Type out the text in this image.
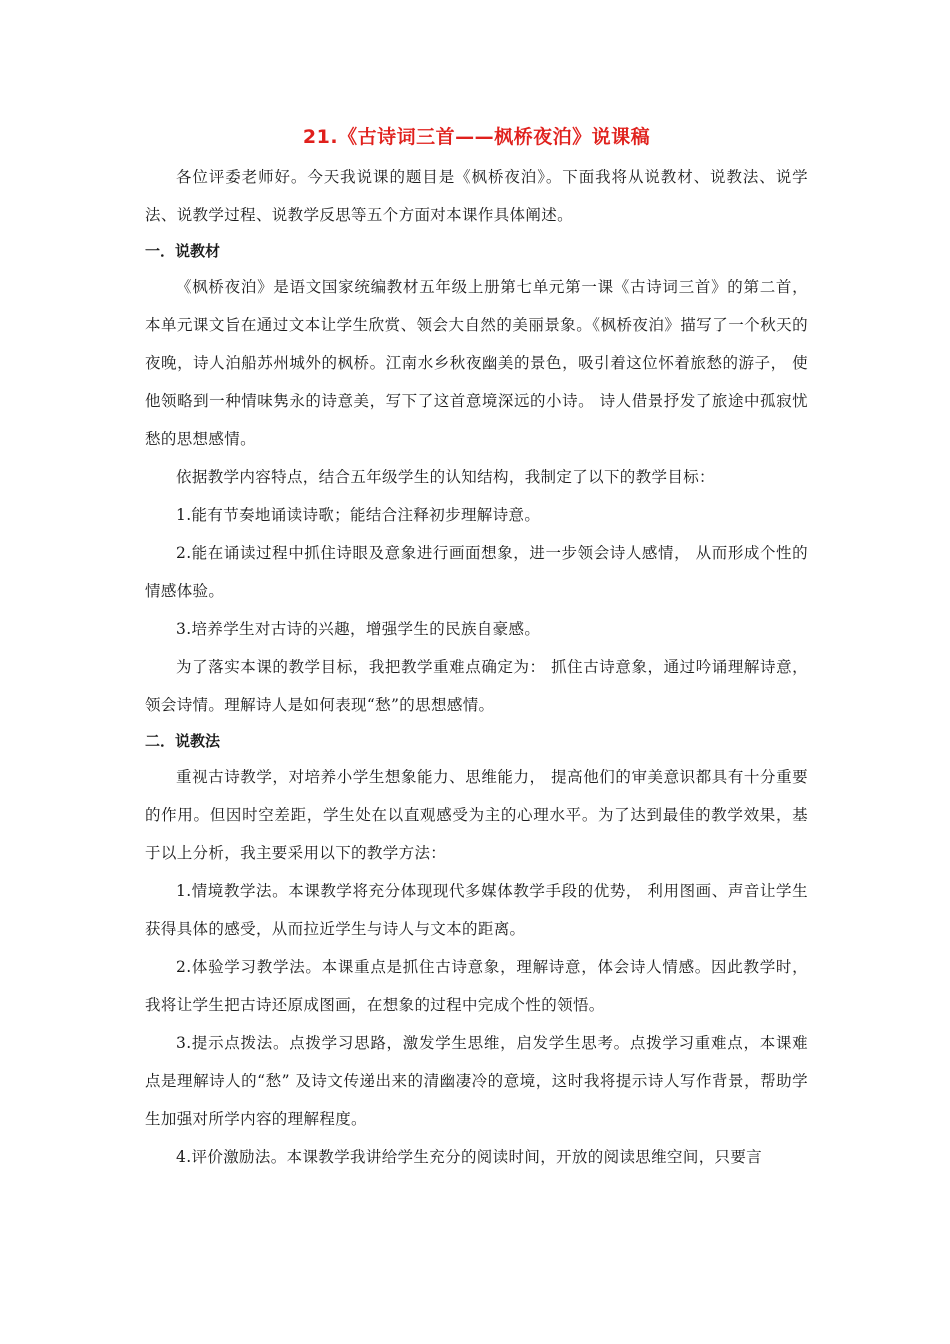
21.《古诗词三首——枫桥夜泊》说课稿

各位评委老师好。今天我说课的题目是《枫桥夜泊》。下面我将从说教材、说教法、说学法、说教学过程、说教学反思等五个方面对本课作具体阐述。

一．说教材

《枫桥夜泊》是语文国家统编教材五年级上册第七单元第一课《古诗词三首》的第二首，本单元课文旨在通过文本让学生欣赏、领会大自然的美丽景象。《枫桥夜泊》描写了一个秋天的夜晚，诗人泊船苏州城外的枫桥。江南水乡秋夜幽美的景色，吸引着这位怀着旅愁的游子， 使他领略到一种情味隽永的诗意美，写下了这首意境深远的小诗。 诗人借景抒发了旅途中孤寂忧愁的思想感情。

依据教学内容特点，结合五年级学生的认知结构，我制定了以下的教学目标：

1.能有节奏地诵读诗歌；能结合注释初步理解诗意。

2.能在诵读过程中抓住诗眼及意象进行画面想象，进一步领会诗人感情， 从而形成个性的情感体验。

3.培养学生对古诗的兴趣，增强学生的民族自豪感。

为了落实本课的教学目标，我把教学重难点确定为： 抓住古诗意象，通过吟诵理解诗意，领会诗情。理解诗人是如何表现“愁”的思想感情。

二．说教法

重视古诗教学，对培养小学生想象能力、思维能力， 提高他们的审美意识都具有十分重要的作用。但因时空差距，学生处在以直观感受为主的心理水平。为了达到最佳的教学效果，基于以上分析，我主要采用以下的教学方法：

1.情境教学法。本课教学将充分体现现代多媒体教学手段的优势， 利用图画、声音让学生获得具体的感受，从而拉近学生与诗人与文本的距离。

2.体验学习教学法。本课重点是抓住古诗意象，理解诗意，体会诗人情感。因此教学时，我将让学生把古诗还原成图画，在想象的过程中完成个性的领悟。

3.提示点拨法。点拨学习思路，激发学生思维，启发学生思考。点拨学习重难点，本课难点是理解诗人的“愁” 及诗文传递出来的清幽凄冷的意境，这时我将提示诗人写作背景，帮助学生加强对所学内容的理解程度。

4.评价激励法。本课教学我讲给学生充分的阅读时间，开放的阅读思维空间，只要言
